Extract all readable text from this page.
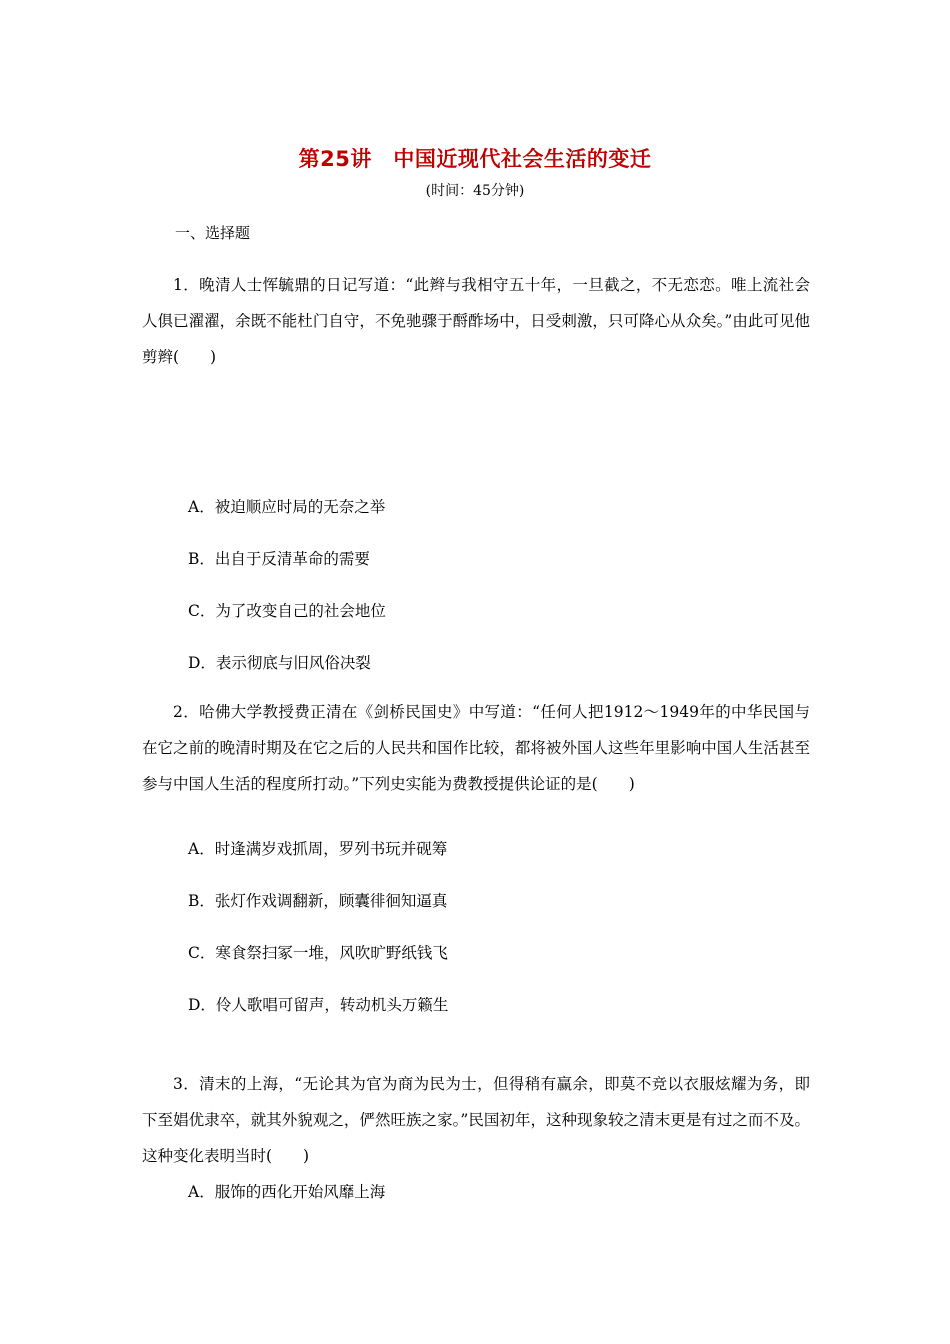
第25讲　中国近现代社会生活的变迁
(时间：45分钟)
一、选择题
1．晚清人士恽毓鼎的日记写道：“此辫与我相守五十年，一旦截之，不无恋恋。唯上流社会人俱已濯濯，余既不能杜门自守，不免驰骤于酹酢场中，日受刺激，只可降心从众矣。”由此可见他剪辫(　　)
A．被迫顺应时局的无奈之举
B．出自于反清革命的需要
C．为了改变自己的社会地位
D．表示彻底与旧风俗决裂
2．哈佛大学教授费正清在《剑桥民国史》中写道：“任何人把1912～1949年的中华民国与在它之前的晚清时期及在它之后的人民共和国作比较，都将被外国人这些年里影响中国人生活甚至参与中国人生活的程度所打动。”下列史实能为费教授提供论证的是(　　)
A．时逢满岁戏抓周，罗列书玩并砚筹
B．张灯作戏调翻新，顾囊徘徊知逼真
C．寒食祭扫冢一堆，风吹旷野纸钱飞
D．伶人歌唱可留声，转动机头万籁生
3．清末的上海，“无论其为官为商为民为士，但得稍有赢余，即莫不竞以衣服炫耀为务，即下至娼优隶卒，就其外貌观之，俨然旺族之家。”民国初年，这种现象较之清末更是有过之而不及。这种变化表明当时(　　)
A．服饰的西化开始风靡上海
